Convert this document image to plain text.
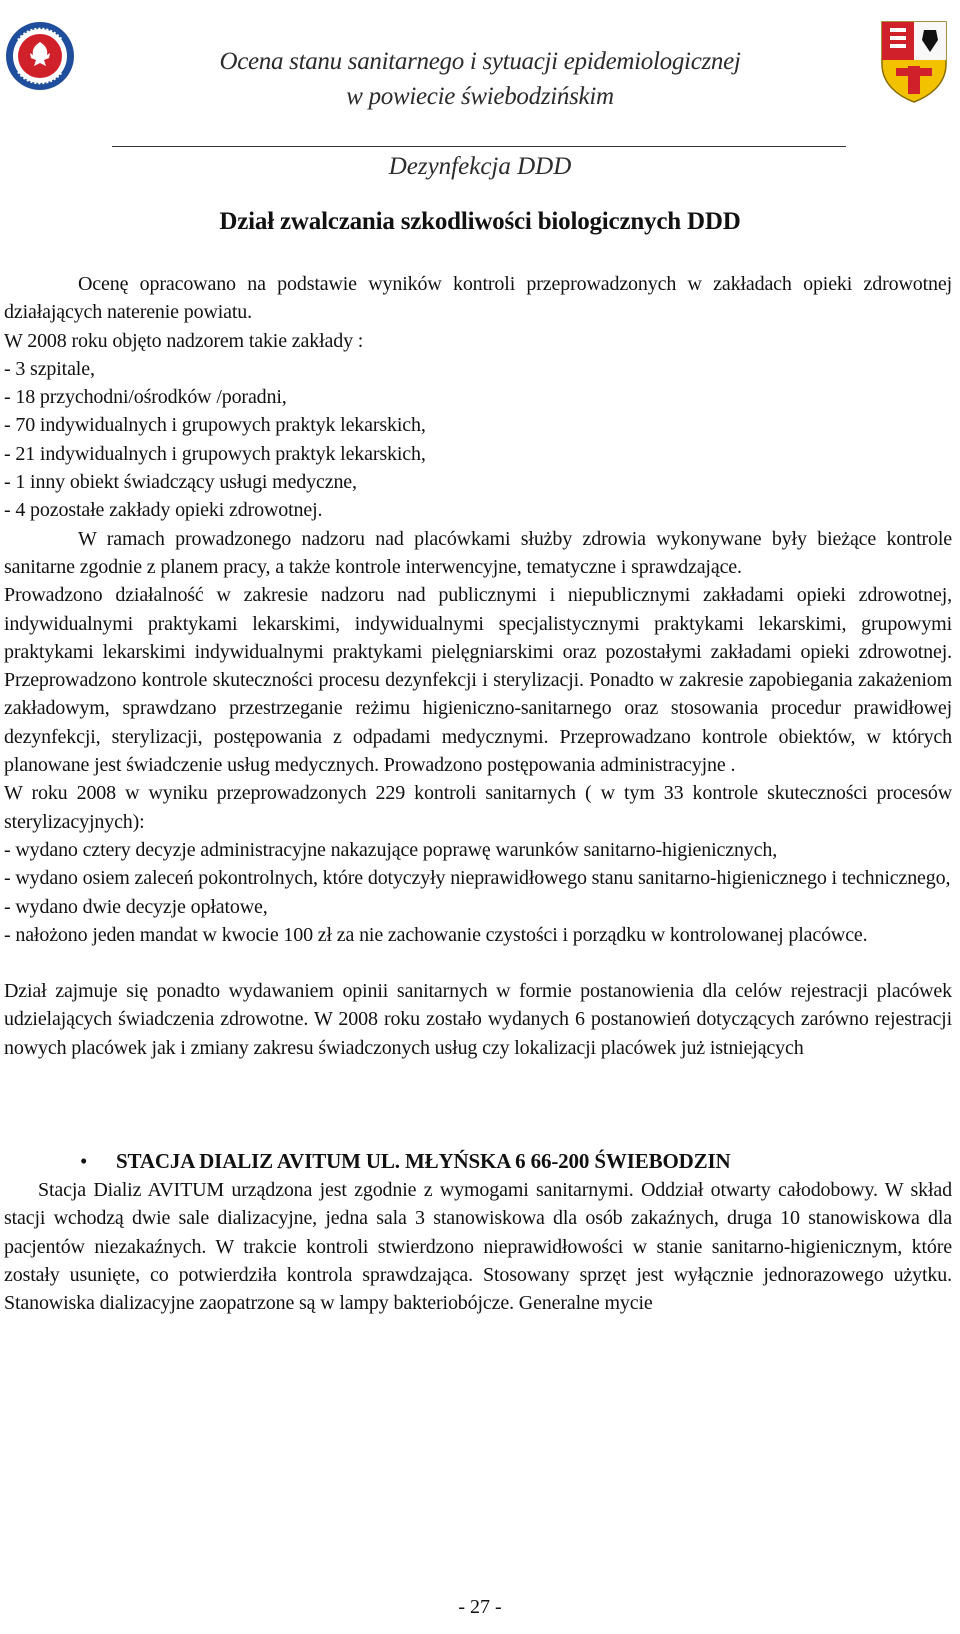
Ocena stanu sanitarnego i sytuacji epidemiologicznej
w powiecie świebodzińskim
Dezynfekcja DDD
Dział zwalczania szkodliwości biologicznych DDD

Ocenę opracowano na podstawie wyników kontroli przeprowadzonych w zakładach opieki zdrowotnej działających naterenie powiatu.

W 2008 roku objęto nadzorem takie zakłady :

- 3 szpitale,

- 18 przychodni/ośrodków /poradni,

- 70 indywidualnych i grupowych praktyk lekarskich,

- 21 indywidualnych i grupowych praktyk lekarskich,

- 1 inny obiekt świadczący usługi medyczne,

- 4 pozostałe zakłady opieki zdrowotnej.

W ramach prowadzonego nadzoru nad placówkami służby zdrowia wykonywane były bieżące kontrole sanitarne zgodnie z planem pracy, a także kontrole interwencyjne, tematyczne i sprawdzające.

Prowadzono działalność w zakresie nadzoru nad publicznymi i niepublicznymi zakładami opieki zdrowotnej, indywidualnymi praktykami lekarskimi, indywidualnymi specjalistycznymi praktykami lekarskimi, grupowymi praktykami lekarskimi indywidualnymi praktykami pielęgniarskimi oraz pozostałymi zakładami opieki zdrowotnej. Przeprowadzono kontrole skuteczności procesu dezynfekcji i sterylizacji. Ponadto w zakresie zapobiegania zakażeniom zakładowym, sprawdzano przestrzeganie reżimu higieniczno-sanitarnego oraz stosowania procedur prawidłowej dezynfekcji, sterylizacji, postępowania z odpadami medycznymi. Przeprowadzano kontrole obiektów, w których planowane jest świadczenie usług medycznych. Prowadzono postępowania administracyjne .

W roku 2008 w wyniku przeprowadzonych 229 kontroli sanitarnych ( w tym 33 kontrole skuteczności procesów sterylizacyjnych):

- wydano cztery decyzje administracyjne nakazujące poprawę warunków sanitarno-higienicznych,

- wydano osiem zaleceń pokontrolnych, które dotyczyły nieprawidłowego stanu sanitarno-higienicznego i technicznego,

- wydano dwie decyzje opłatowe,

- nałożono jeden mandat w kwocie 100 zł za nie zachowanie czystości i porządku w kontrolowanej placówce.

Dział zajmuje się ponadto wydawaniem opinii sanitarnych w formie postanowienia dla celów rejestracji placówek udzielających świadczenia zdrowotne. W 2008 roku zostało wydanych 6 postanowień dotyczących zarówno rejestracji nowych placówek jak i zmiany zakresu świadczonych usług czy lokalizacji placówek już istniejących

• STACJA DIALIZ AVITUM UL. MŁYŃSKA 6 66-200 ŚWIEBODZIN

Stacja Dializ AVITUM urządzona jest zgodnie z wymogami sanitarnymi. Oddział otwarty całodobowy. W skład stacji wchodzą dwie sale dializacyjne, jedna sala 3 stanowiskowa dla osób zakaźnych, druga 10 stanowiskowa dla pacjentów niezakaźnych. W trakcie kontroli stwierdzono nieprawidłowości w stanie sanitarno-higienicznym, które zostały usunięte, co potwierdziła kontrola sprawdzająca. Stosowany sprzęt jest wyłącznie jednorazowego użytku. Stanowiska dializacyjne zaopatrzone są w lampy bakteriobójcze. Generalne mycie

- 27 -
